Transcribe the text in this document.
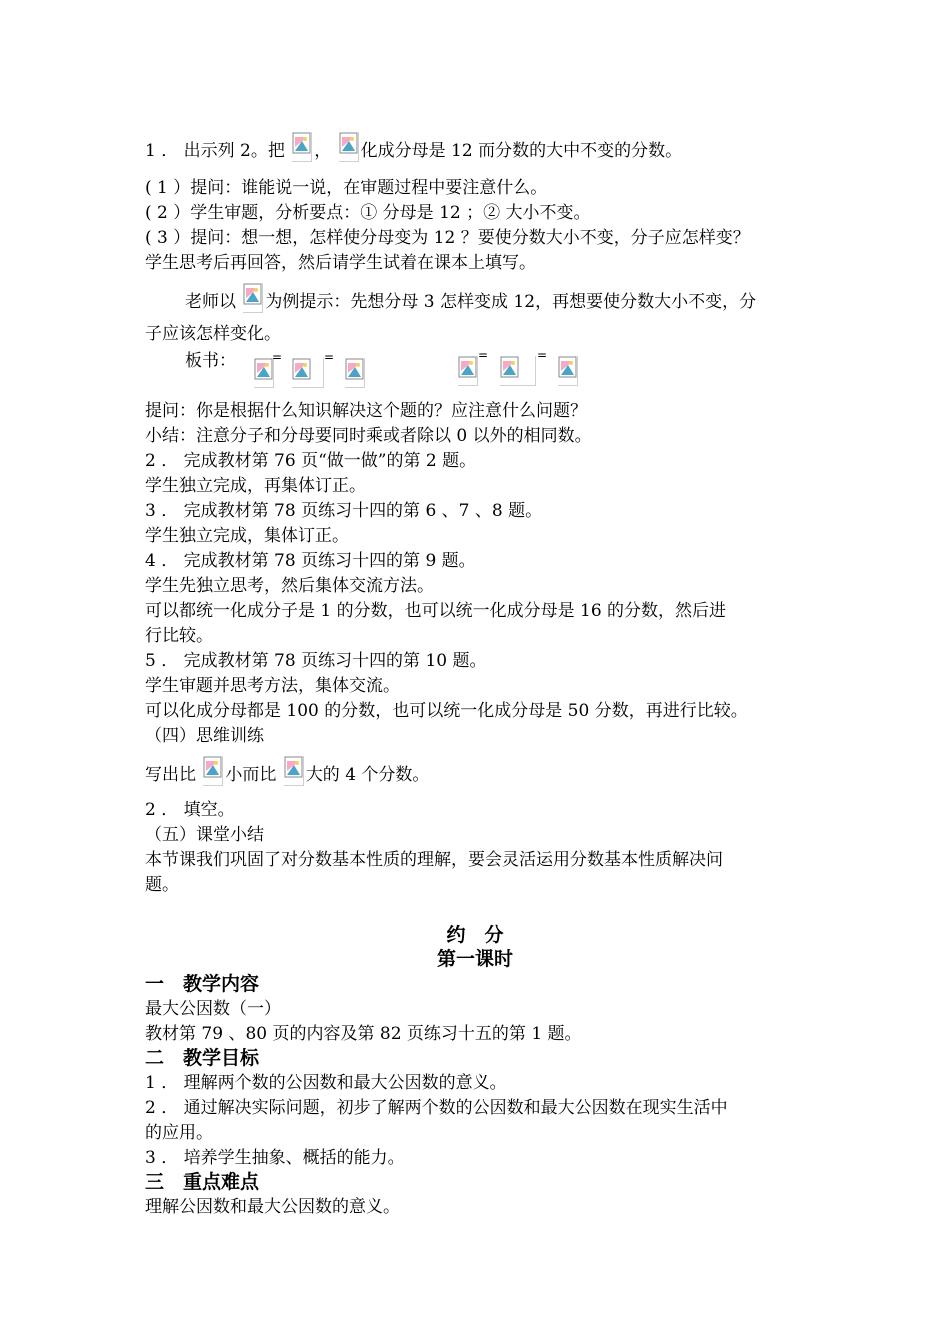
1 ． 出示列 2。把 ， 化成分母是 12 而分数的大中不变的分数。
( 1 ）提问：谁能说一说，在审题过程中要注意什么。
( 2 ）学生审题，分析要点：① 分母是 12 ；② 大小不变。
( 3 ）提问：想一想，怎样使分母变为 12 ？要使分数大小不变，分子应怎样变？
学生思考后再回答，然后请学生试着在课本上填写。
老师以 为例提示：先想分母 3 怎样变成 12，再想要使分数大小不变，分
子应该怎样变化。
板书：	=	=	=	=
提问：你是根据什么知识解决这个题的？应注意什么问题？
小结：注意分子和分母要同时乘或者除以 0 以外的相同数。
2 ． 完成教材第 76 页“做一做”的第 2 题。
学生独立完成，再集体订正。
3 ． 完成教材第 78 页练习十四的第 6 、7 、8 题。
学生独立完成，集体订正。
4 ． 完成教材第 78 页练习十四的第 9 题。
学生先独立思考，然后集体交流方法。
可以都统一化成分子是 1 的分数，也可以统一化成分母是 16 的分数，然后进
行比较。
5 ． 完成教材第 78 页练习十四的第 10 题。
学生审题并思考方法，集体交流。
可以化成分母都是 100 的分数，也可以统一化成分母是 50 分数，再进行比较。
（四）思维训练
写出比 小而比 大的 4 个分数。
2 ． 填空。
（五）课堂小结
本节课我们巩固了对分数基本性质的理解，要会灵活运用分数基本性质解决问
题。
约　分
第一课时
一　教学内容
最大公因数（一）
教材第 79 、80 页的内容及第 82 页练习十五的第 1 题。
二　教学目标
1 ． 理解两个数的公因数和最大公因数的意义。
2 ． 通过解决实际问题，初步了解两个数的公因数和最大公因数在现实生活中
的应用。
3 ． 培养学生抽象、概括的能力。
三　重点难点
理解公因数和最大公因数的意义。
